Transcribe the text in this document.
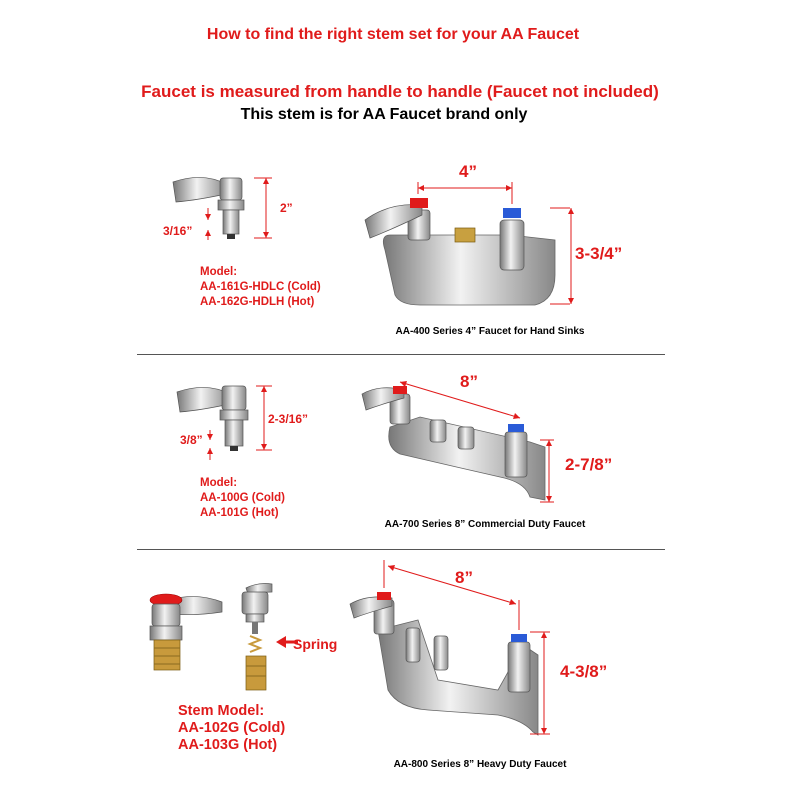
How to find the right stem set for your AA Faucet
Faucet is measured from handle to handle (Faucet not included)
This stem is for AA Faucet brand only
2”
3/16”
Model:
AA-161G-HDLC (Cold)
AA-162G-HDLH (Hot)
4”
3-3/4”
AA-400 Series 4” Faucet for Hand Sinks
2-3/16”
3/8”
Model:
AA-100G (Cold)
AA-101G (Hot)
8”
2-7/8”
AA-700 Series 8” Commercial Duty Faucet
Spring
Stem Model:
AA-102G (Cold)
AA-103G (Hot)
8”
4-3/8”
AA-800 Series 8” Heavy Duty Faucet
